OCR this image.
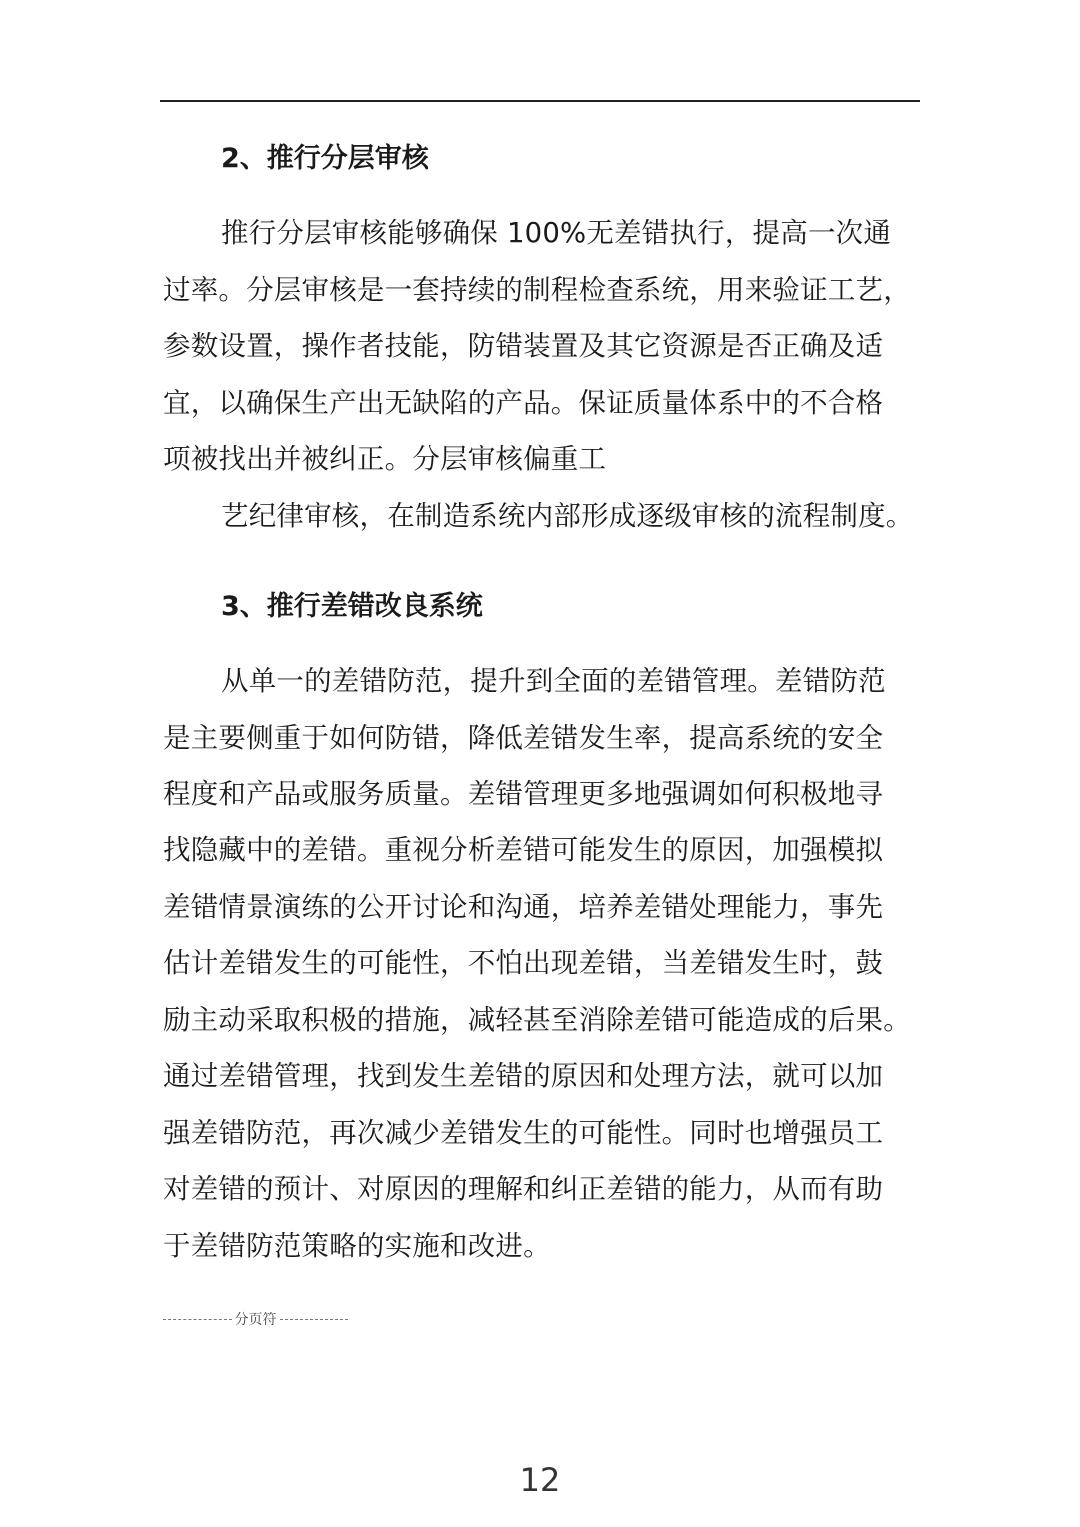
2、推行分层审核
推行分层审核能够确保 100%无差错执行，提高一次通
过率。分层审核是一套持续的制程检查系统，用来验证工艺，
参数设置，操作者技能，防错装置及其它资源是否正确及适
宜，以确保生产出无缺陷的产品。保证质量体系中的不合格
项被找出并被纠正。分层审核偏重工
艺纪律审核，在制造系统内部形成逐级审核的流程制度。
3、推行差错改良系统
从单一的差错防范，提升到全面的差错管理。差错防范
是主要侧重于如何防错，降低差错发生率，提高系统的安全
程度和产品或服务质量。差错管理更多地强调如何积极地寻
找隐藏中的差错。重视分析差错可能发生的原因，加强模拟
差错情景演练的公开讨论和沟通，培养差错处理能力，事先
估计差错发生的可能性，不怕出现差错，当差错发生时，鼓
励主动采取积极的措施，减轻甚至消除差错可能造成的后果。
通过差错管理，找到发生差错的原因和处理方法，就可以加
强差错防范，再次减少差错发生的可能性。同时也增强员工
对差错的预计、对原因的理解和纠正差错的能力，从而有助
于差错防范策略的实施和改进。
分页符
12
